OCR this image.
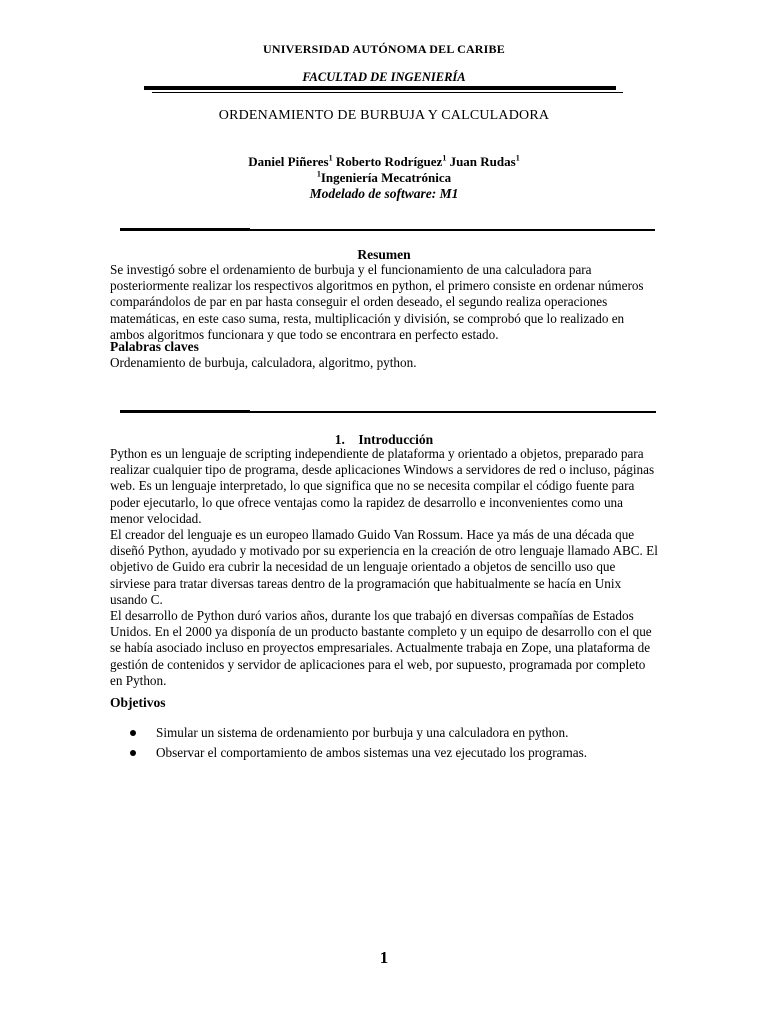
UNIVERSIDAD AUTÓNOMA DEL CARIBE
FACULTAD DE INGENIERÍA
ORDENAMIENTO DE BURBUJA Y CALCULADORA
Daniel Piñeres$^1$ Roberto Rodríguez$^1$ Juan Rudas$^1$
$^1$Ingeniería Mecatrónica
Modelado de software: M1
Resumen

Se investigó sobre el ordenamiento de burbuja y el funcionamiento de una calculadora para posteriormente realizar los respectivos algoritmos en python, el primero consiste en ordenar números comparándolos de par en par hasta conseguir el orden deseado, el segundo realiza operaciones matemáticas, en este caso suma, resta, multiplicación y división, se comprobó que lo realizado en ambos algoritmos funcionara y que todo se encontrara en perfecto estado.

Palabras claves
Ordenamiento de burbuja, calculadora, algoritmo, python.
1. Introducción

Python es un lenguaje de scripting independiente de plataforma y orientado a objetos, preparado para realizar cualquier tipo de programa, desde aplicaciones Windows a servidores de red o incluso, páginas web. Es un lenguaje interpretado, lo que significa que no se necesita compilar el código fuente para poder ejecutarlo, lo que ofrece ventajas como la rapidez de desarrollo e inconvenientes como una menor velocidad.

El creador del lenguaje es un europeo llamado Guido Van Rossum. Hace ya más de una década que diseñó Python, ayudado y motivado por su experiencia en la creación de otro lenguaje llamado ABC. El objetivo de Guido era cubrir la necesidad de un lenguaje orientado a objetos de sencillo uso que sirviese para tratar diversas tareas dentro de la programación que habitualmente se hacía en Unix usando C.

El desarrollo de Python duró varios años, durante los que trabajó en diversas compañías de Estados Unidos. En el 2000 ya disponía de un producto bastante completo y un equipo de desarrollo con el que se había asociado incluso en proyectos empresariales. Actualmente trabaja en Zope, una plataforma de gestión de contenidos y servidor de aplicaciones para el web, por supuesto, programada por completo en Python.

Objetivos
Simular un sistema de ordenamiento por burbuja y una calculadora en python.
Observar el comportamiento de ambos sistemas una vez ejecutado los programas.
1
